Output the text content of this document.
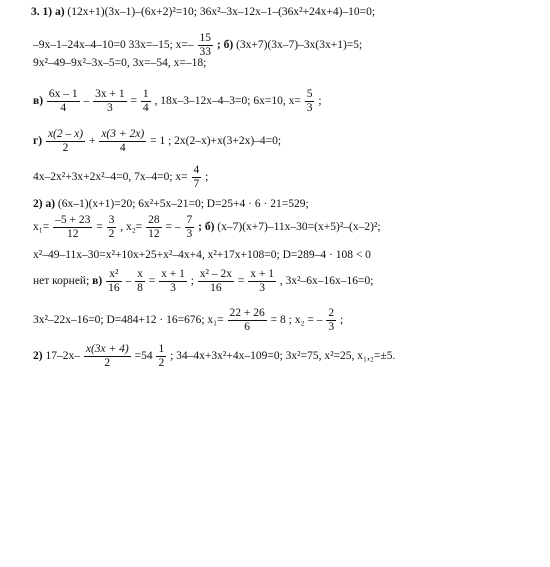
3. 1) а) (12x+1)(3x–1)–(6x+2)²=10; 36x²–3x–12x–1–(36x²+24x+4)–10=0;
–9x–1–24x–4–10=0 33x=–15; $x=- \frac{15}{33}$ ; б) (3x+7)(3x–7)–3x(3x+1)=5;
9x²–49–9x²–3x–5=0, 3x=–54, x=–18;
$в) \frac{6x - 1}{4} - \frac{3x + 1}{3} = \frac{1}{4}$ , 18x–3–12x–4–3=0; 6x=10, $x= \frac{5}{3}$ ;
$г) \frac{x(2 - x)}{2} + \frac{x(3 + 2x)}{4} = 1$ ; 2x(2–x)+x(3+2x)–4=0;
4x–2x²+3x+2x²–4=0, 7x–4=0; $x= \frac{4}{7}$ ;
2) а) (6x–1)(x+1)=20; 6x²+5x–21=0; D=25+4 · 6 · 21=529;
$x_1= \frac{-5 + 23}{12} = \frac{3}{2}$ , $x_2= \frac{28}{12}$ = – $\frac{7}{3}$ ; б) (x–7)(x+7)–11x–30=(x+5)²–(x–2)²;
x²–49–11x–30=x²+10x+25+x²–4x+4, x²+17x+108=0; D=289–4 · 108 < 0
нет корней; $в) \frac{\text{x²}}{16} - \frac{x}{8} = \frac{x + 1}{3}$ ; $\frac{\text{x² – 2x}}{16} = \frac{x + 1}{3}$ , 3x²–6x–16x–16=0;
3x²–22x–16=0; D=484+12 · 16=676; $x_1= \frac{22 + 26}{6} = 8$ ; x₂ = – $\frac{2}{3}$ ;
2) $17-2x- \frac{x(3x + 4)}{2} =54 \frac{1}{2}$ ; 34–4x+3x²+4x–109=0; 3x²=75, x²=25, x₁,₂=±5.
